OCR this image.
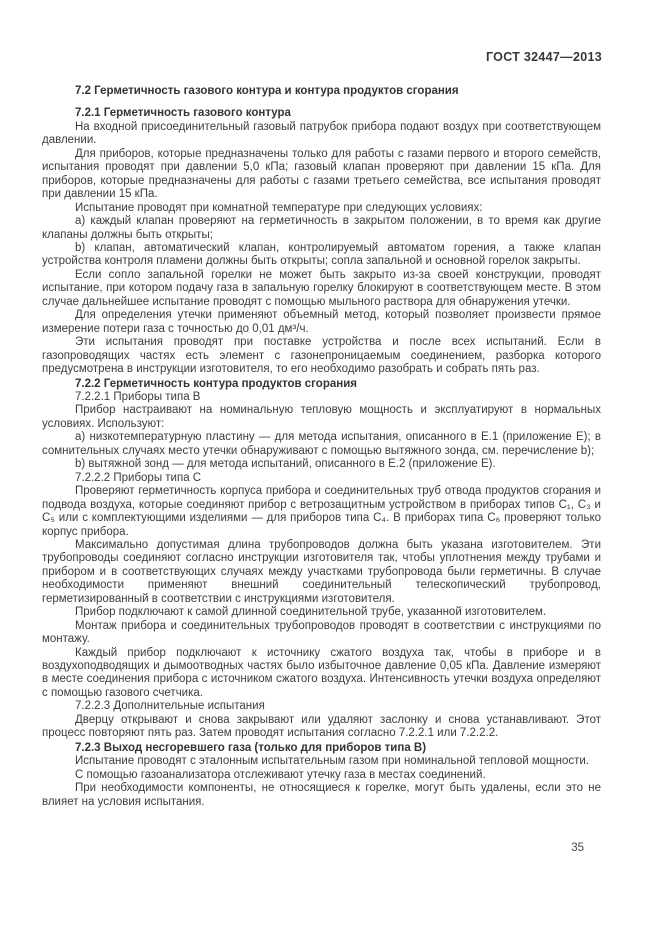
ГОСТ 32447—2013

7.2 Герметичность газового контура и контура продуктов сгорания

7.2.1 Герметичность газового контура

На входной присоединительный газовый патрубок прибора подают воздух при соответствующем давлении.

Для приборов, которые предназначены только для работы с газами первого и второго семейств, испытания проводят при давлении 5,0 кПа; газовый клапан проверяют при давлении 15 кПа. Для приборов, которые предназначены для работы с газами третьего семейства, все испытания проводят при давлении 15 кПа.

Испытание проводят при комнатной температуре при следующих условиях:

а) каждый клапан проверяют на герметичность в закрытом положении, в то время как другие клапаны должны быть открыты;

b) клапан, автоматический клапан, контролируемый автоматом горения, а также клапан устройства контроля пламени должны быть открыты; сопла запальной и основной горелок закрыты.

Если сопло запальной горелки не может быть закрыто из-за своей конструкции, проводят испытание, при котором подачу газа в запальную горелку блокируют в соответствующем месте. В этом случае дальнейшее испытание проводят с помощью мыльного раствора для обнаружения утечки.

Для определения утечки применяют объемный метод, который позволяет произвести прямое измерение потери газа с точностью до 0,01 дм³/ч.

Эти испытания проводят при поставке устройства и после всех испытаний. Если в газопроводящих частях есть элемент с газонепроницаемым соединением, разборка которого предусмотрена в инструкции изготовителя, то его необходимо разобрать и собрать пять раз.

7.2.2 Герметичность контура продуктов сгорания

7.2.2.1 Приборы типа B

Прибор настраивают на номинальную тепловую мощность и эксплуатируют в нормальных условиях. Используют:

a) низкотемпературную пластину — для метода испытания, описанного в Е.1 (приложение Е); в сомнительных случаях место утечки обнаруживают с помощью вытяжного зонда, см. перечисление b);

b) вытяжной зонд — для метода испытаний, описанного в Е.2 (приложение Е).

7.2.2.2 Приборы типа C

Проверяют герметичность корпуса прибора и соединительных труб отвода продуктов сгорания и подвода воздуха, которые соединяют прибор с ветрозащитным устройством в приборах типов C₁, C₃ и C₅ или с комплектующими изделиями — для приборов типа C₄. В приборах типа C₆ проверяют только корпус прибора.

Максимально допустимая длина трубопроводов должна быть указана изготовителем. Эти трубопроводы соединяют согласно инструкции изготовителя так, чтобы уплотнения между трубами и прибором и в соответствующих случаях между участками трубопровода были герметичны. В случае необходимости применяют внешний соединительный телескопический трубопровод, герметизированный в соответствии с инструкциями изготовителя.

Прибор подключают к самой длинной соединительной трубе, указанной изготовителем.

Монтаж прибора и соединительных трубопроводов проводят в соответствии с инструкциями по монтажу.

Каждый прибор подключают к источнику сжатого воздуха так, чтобы в приборе и в воздухоподводящих и дымоотводных частях было избыточное давление 0,05 кПа. Давление измеряют в месте соединения прибора с источником сжатого воздуха. Интенсивность утечки воздуха определяют с помощью газового счетчика.

7.2.2.3 Дополнительные испытания

Дверцу открывают и снова закрывают или удаляют заслонку и снова устанавливают. Этот процесс повторяют пять раз. Затем проводят испытания согласно 7.2.2.1 или 7.2.2.2.

7.2.3 Выход несгоревшего газа (только для приборов типа B)

Испытание проводят с эталонным испытательным газом при номинальной тепловой мощности.

С помощью газоанализатора отслеживают утечку газа в местах соединений.

При необходимости компоненты, не относящиеся к горелке, могут быть удалены, если это не влияет на условия испытания.

35
